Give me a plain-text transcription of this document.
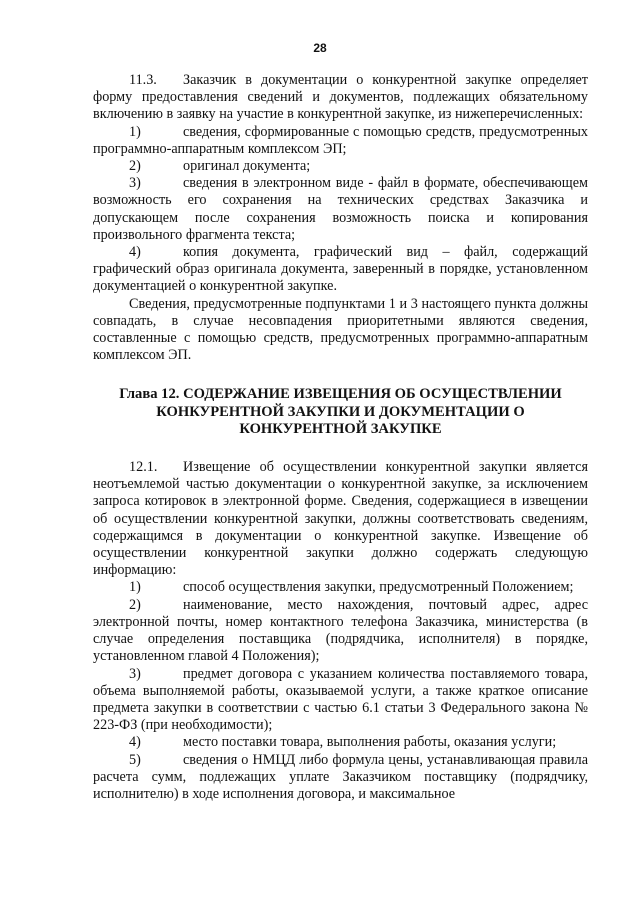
28

11.3. Заказчик в документации о конкурентной закупке определяет форму предоставления сведений и документов, подлежащих обязательному включению в заявку на участие в конкурентной закупке, из нижеперечисленных:

1)	сведения, сформированные с помощью средств, предусмотренных программно-аппаратным комплексом ЭП;

2)	оригинал документа;

3)	сведения в электронном виде - файл в формате, обеспечивающем возможность его сохранения на технических средствах Заказчика и допускающем после сохранения возможность поиска и копирования произвольного фрагмента текста;

4)	копия документа, графический вид – файл, содержащий графический образ оригинала документа, заверенный в порядке, установленном документацией о конкурентной закупке.

Сведения, предусмотренные подпунктами 1 и 3 настоящего пункта должны совпадать, в случае несовпадения приоритетными являются сведения, составленные с помощью средств, предусмотренных программно-аппаратным комплексом ЭП.

Глава 12. СОДЕРЖАНИЕ ИЗВЕЩЕНИЯ ОБ ОСУЩЕСТВЛЕНИИ
КОНКУРЕНТНОЙ ЗАКУПКИ И ДОКУМЕНТАЦИИ О
КОНКУРЕНТНОЙ ЗАКУПКЕ

12.1. Извещение об осуществлении конкурентной закупки является неотъемлемой частью документации о конкурентной закупке, за исключением запроса котировок в электронной форме. Сведения, содержащиеся в извещении об осуществлении конкурентной закупки, должны соответствовать сведениям, содержащимся в документации о конкурентной закупке. Извещение об осуществлении конкурентной закупки должно содержать следующую информацию:

1)	способ осуществления закупки, предусмотренный Положением;

2)	наименование, место нахождения, почтовый адрес, адрес электронной почты, номер контактного телефона Заказчика, министерства (в случае определения поставщика (подрядчика, исполнителя) в порядке, установленном главой 4 Положения);

3)	предмет договора с указанием количества поставляемого товара, объема выполняемой работы, оказываемой услуги, а также краткое описание предмета закупки в соответствии с частью 6.1 статьи 3 Федерального закона № 223-ФЗ (при необходимости);

4)	место поставки товара, выполнения работы, оказания услуги;

5)	сведения о НМЦД либо формула цены, устанавливающая правила расчета сумм, подлежащих уплате Заказчиком поставщику (подрядчику, исполнителю) в ходе исполнения договора, и максимальное
